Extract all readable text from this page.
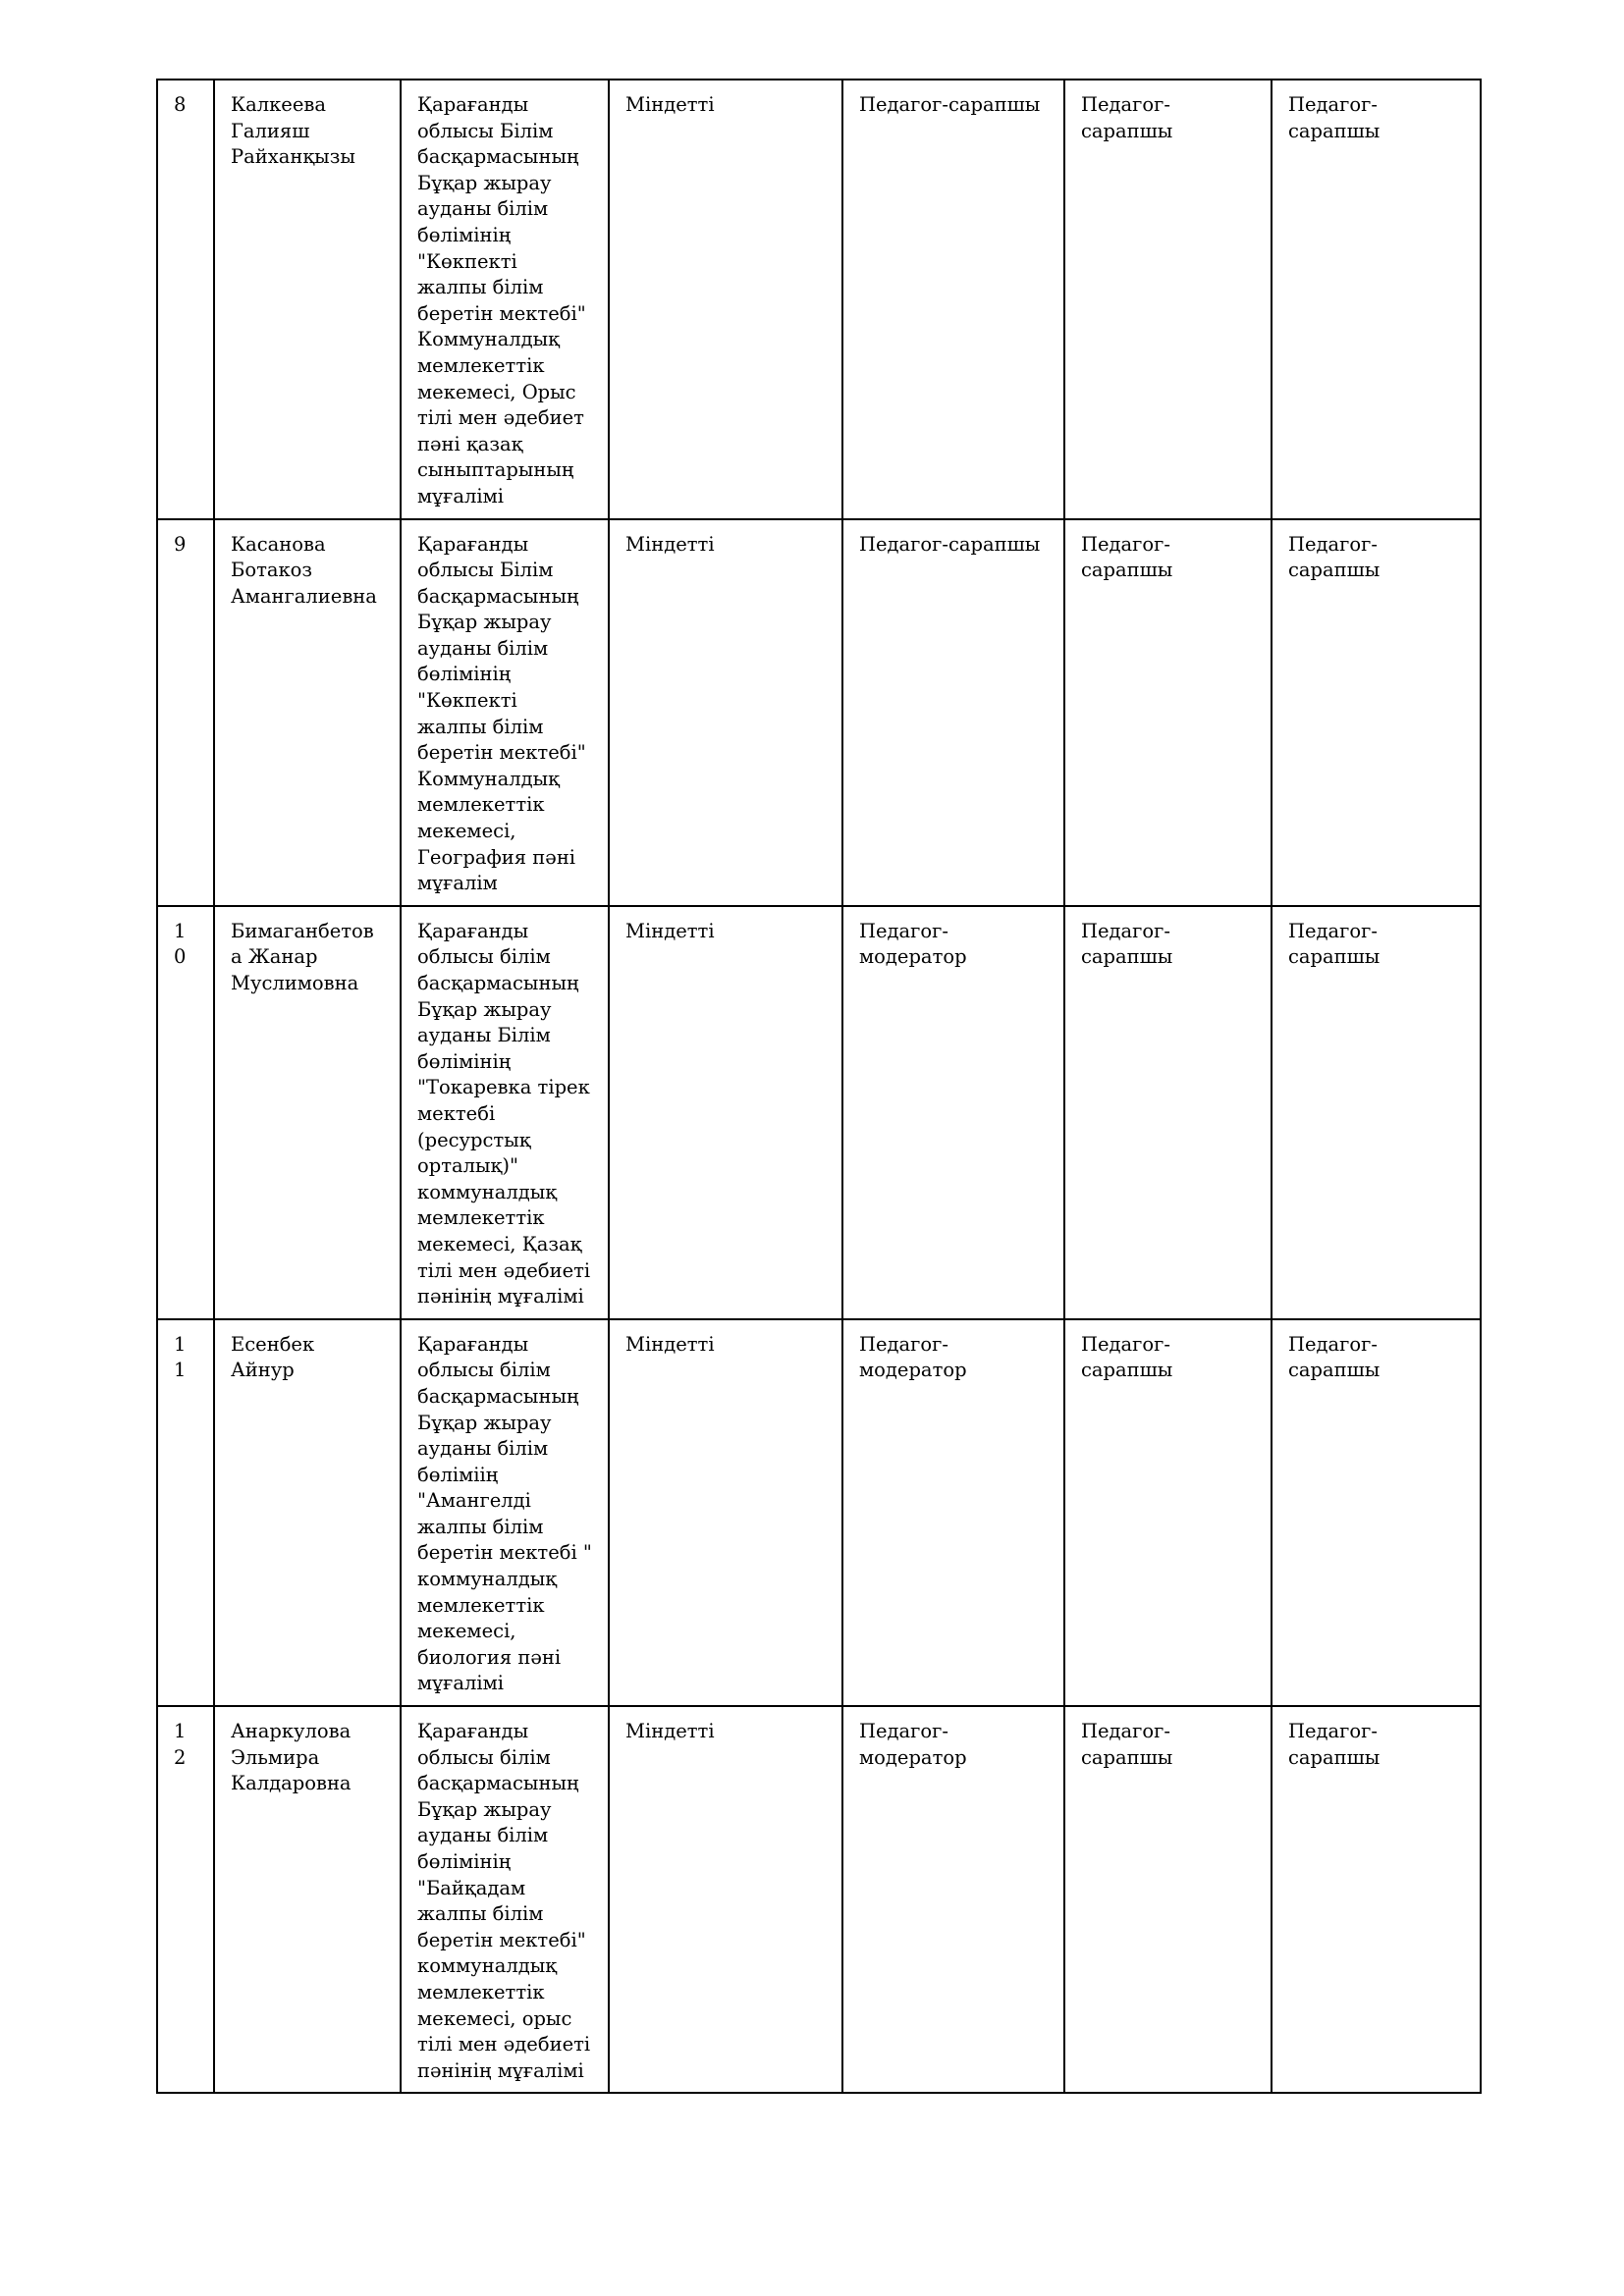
8	Калкеева Галияш Райханқызы	Қарағанды облысы Білім басқармасының Бұқар жырау ауданы білім бөлімінің "Көкпекті жалпы білім беретін мектебі" Коммуналдық мемлекеттік мекемесі, Орыс тілі мен әдебиет пәні қазақ сыныптарының мұғалімі	Міндетті	Педагог-сарапшы	Педагог-сарапшы	Педагог-сарапшы

9	Касанова Ботакоз Амангалиевна	Қарағанды облысы Білім басқармасының Бұқар жырау ауданы білім бөлімінің "Көкпекті жалпы білім беретін мектебі" Коммуналдық мемлекеттік мекемесі, География пәні мұғалім	Міндетті	Педагог-сарапшы	Педагог-сарапшы	Педагог-сарапшы

10	Бимаганбетова Жанар Муслимовна	Қарағанды облысы білім басқармасының Бұқар жырау ауданы Білім бөлімінің "Токаревка тірек мектебі (ресурстық орталық)" коммуналдық мемлекеттік мекемесі, Қазақ тілі мен әдебиеті пәнінің мұғалімі	Міндетті	Педагог-модератор	Педагог-сарапшы	Педагог-сарапшы

11	Есенбек Айнур	Қарағанды облысы білім басқармасының Бұқар жырау ауданы білім бөліміің "Амангелді жалпы білім беретін мектебі " коммуналдық мемлекеттік мекемесі, биология пәні мұғалімі	Міндетті	Педагог-модератор	Педагог-сарапшы	Педагог-сарапшы

12	Анаркулова Эльмира Калдаровна	Қарағанды облысы білім басқармасының Бұқар жырау ауданы білім бөлімінің "Байқадам жалпы білім беретін мектебі" коммуналдық мемлекеттік мекемесі, орыс тілі мен әдебиеті пәнінің мұғалімі	Міндетті	Педагог-модератор	Педагог-сарапшы	Педагог-сарапшы
